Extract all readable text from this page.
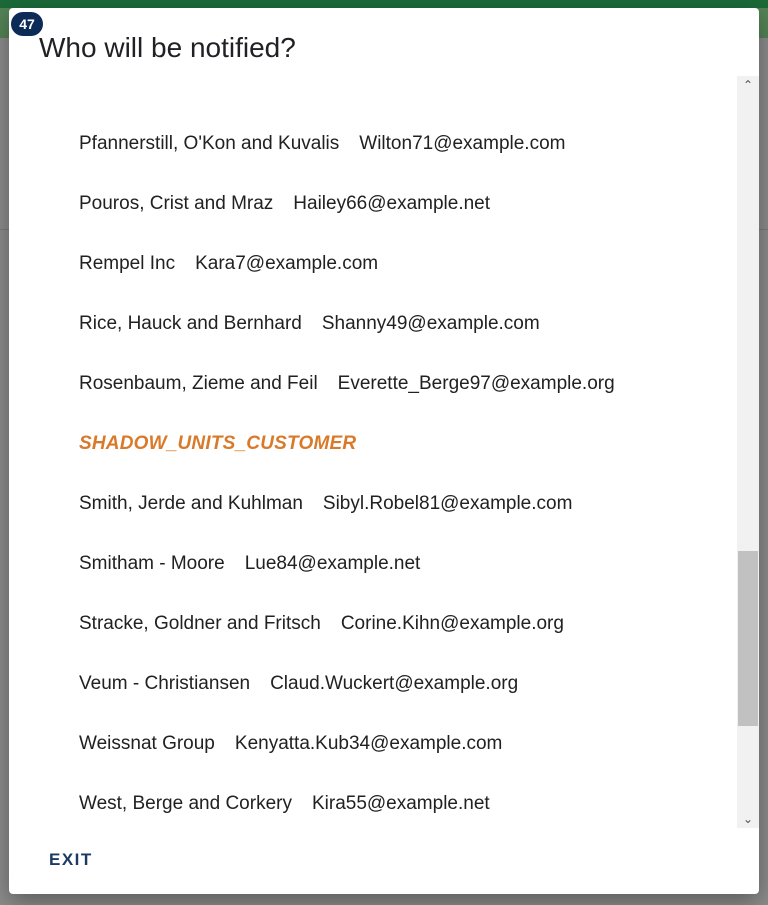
47
Who will be notified?
Pfannerstill, O'Kon and Kuvalis Wilton71@example.com
Pouros, Crist and Mraz Hailey66@example.net
Rempel Inc Kara7@example.com
Rice, Hauck and Bernhard Shanny49@example.com
Rosenbaum, Zieme and Feil Everette_Berge97@example.org
SHADOW_UNITS_CUSTOMER
Smith, Jerde and Kuhlman Sibyl.Robel81@example.com
Smitham - Moore Lue84@example.net
Stracke, Goldner and Fritsch Corine.Kihn@example.org
Veum - Christiansen Claud.Wuckert@example.org
Weissnat Group Kenyatta.Kub34@example.com
West, Berge and Corkery Kira55@example.net
⌃
⌄
EXIT
